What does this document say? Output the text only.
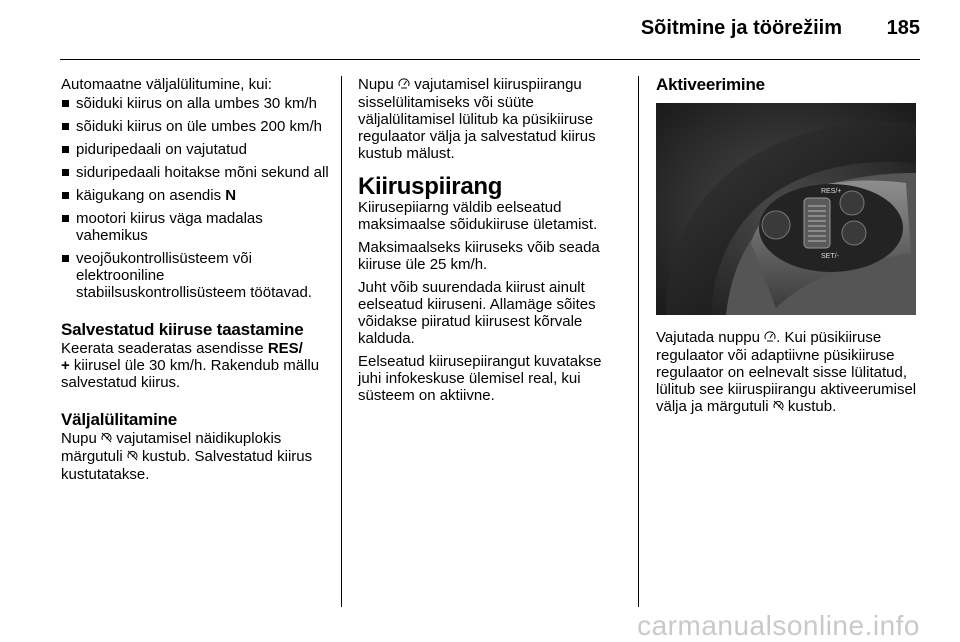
Sõitmine ja töörežiim 185

Automaatne väljalülitumine, kui:

sõiduki kiirus on alla umbes 30 km/h
sõiduki kiirus on üle umbes 200 km/h
piduripedaali on vajutatud
siduripedaali hoitakse mõni sekund all
käigukang on asendis N
mootori kiirus väga madalas vahemikus
veojõukontrollisüsteem või elektrooniline stabiilsuskontrollisüsteem töötavad.
Salvestatud kiiruse taastamine

Keerata seaderatas asendisse RES/
+ kiirusel üle 30 km/h. Rakendub mällu salvestatud kiirus.

Väljalülitamine

Nupu  vajutamisel näidikuplokis märgutuli  kustub. Salvestatud kiirus kustutatakse.

Nupu  vajutamisel kiiruspiirangu sisselülitamiseks või süüte väljalülitamisel lülitub ka püsikiiruse regulaator välja ja salvestatud kiirus kustub mälust.

Kiiruspiirang

Kiirusepiiarng väldib eelseatud maksimaalse sõidukiiruse ületamist.

Maksimaalseks kiiruseks võib seada kiiruse üle 25 km/h.

Juht võib suurendada kiirust ainult eelseatud kiiruseni. Allamäge sõites võidakse piiratud kiirusest kõrvale kalduda.

Eelseatud kiirusepiirangut kuvatakse juhi infokeskuse ülemisel real, kui süsteem on aktiivne.

Aktiveerimine
RES/+
SET/-

Vajutada nuppu . Kui püsikiiruse regulaator või adaptiivne püsikiiruse regulaator on eelnevalt sisse lülitatud, lülitub see kiiruspiirangu aktiveerumisel välja ja märgutuli  kustub.

carmanualsonline.info
